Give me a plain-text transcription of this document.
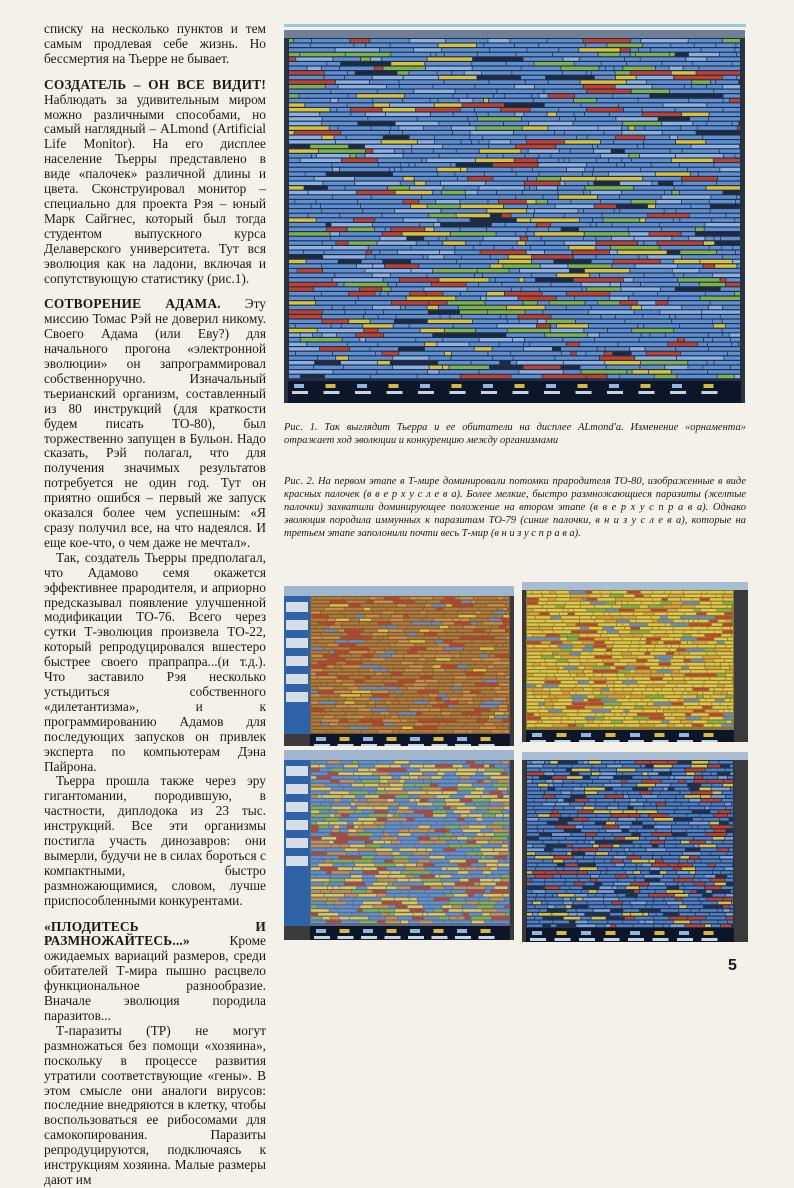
списку на несколько пунктов и тем самым продлевая себе жизнь. Но бессмертия на Тьерре не бывает.

СОЗДАТЕЛЬ – ОН ВСЕ ВИДИТ! Наблюдать за удивительным миром можно различными способами, но самый наглядный – ALmond (Artificial Life Monitor). На его дисплее население Тьерры представлено в виде «палочек» различной длины и цвета. Сконструировал монитор – специально для проекта Рэя – юный Марк Сайгнес, который был тогда студентом выпускного курса Делаверского университета. Тут вся эволюция как на ладони, включая и сопутствующую статистику (рис.1).

СОТВОРЕНИЕ АДАМА. Эту миссию Томас Рэй не доверил никому. Своего Адама (или Еву?) для начального прогона «электронной эволюции» он запрограммировал собственноручно. Изначальный тьерианский организм, составленный из 80 инструкций (для краткости будем писать ТО-80), был торжественно запущен в Бульон. Надо сказать, Рэй полагал, что для получения значимых результатов потребуется не один год. Тут он приятно ошибся – первый же запуск оказался более чем успешным: «Я сразу получил все, на что надеялся. И еще кое-что, о чем даже не мечтал».

Так, создатель Тьерры предполагал, что Адамово семя окажется эффективнее прародителя, и априорно предсказывал появление улучшенной модификации ТО-76. Всего через сутки Т-эволюция произвела ТО-22, который репродуцировался вшестеро быстрее своего прапрапра...(и т.д.). Что заставило Рэя несколько устыдиться собственного «дилетантизма», и к программированию Адамов для последующих запусков он привлек эксперта по компьютерам Дэна Пайрона.

Тьерра прошла также через эру гигантомании, породившую, в частности, диплодока из 23 тыс. инструкций. Все эти организмы постигла участь динозавров: они вымерли, будучи не в силах бороться с компактными, быстро размножающимися, словом, лучше приспособленными конкурентами.

«ПЛОДИТЕСЬ И РАЗМНОЖАЙТЕСЬ...» Кроме ожидаемых вариаций размеров, среди обитателей Т-мира пышно расцвело функциональное разнообразие. Вначале эволюция породила паразитов...

Т-паразиты (ТР) не могут размножаться без помощи «хозяина», поскольку в процессе развития утратили соответствующие «гены». В этом смысле они аналоги вирусов: последние внедряются в клетку, чтобы воспользоваться ее рибосомами для самокопирования. Паразиты репродуцируются, подключаясь к инструкциям хозяина. Малые размеры дают им

Рис. 1. Так выглядит Тьерра и ее обитатели на дисплее ALmond'a. Изменение «орнамента» отражает ход эволюции и конкуренцию между организмами
Рис. 2. На первом этапе в Т-мире доминировали потомки прародителя ТО-80, изображенные в виде красных палочек (в в е р х у с л е в а). Более мелкие, быстро размножающиеся паразиты (желтые палочки) захватили доминирующее положение на втором этапе (в в е р х у с п р а в а). Однако эволюция породила иммунных к паразитам ТО-79 (синие палочки, в н и з у с л е в а), которые на третьем этапе заполонили почти весь Т-мир (в н и з у с п р а в а).
5
